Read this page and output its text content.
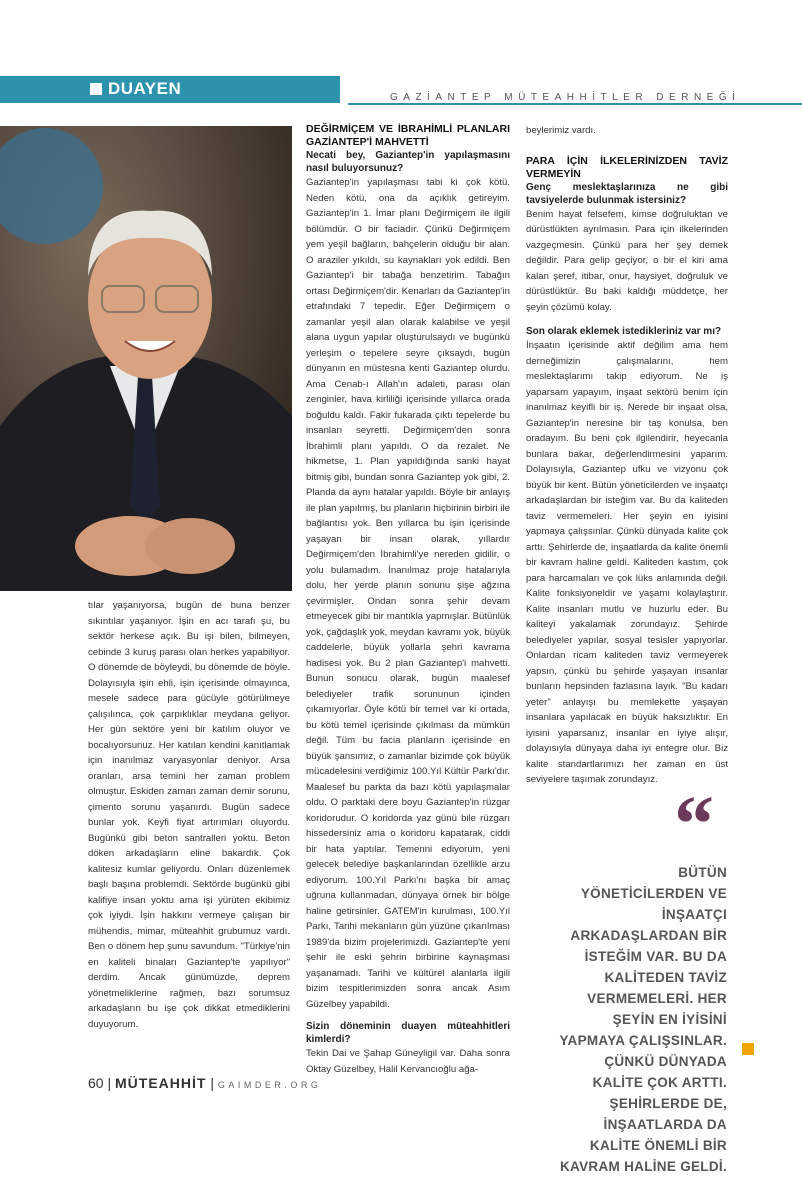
DUAYEN	GAZİANTEP MÜTEAHHİTLER DERNEĞİ

tılar yaşanıyorsa, bugün de buna benzer sıkıntılar yaşanıyor. İşin en acı tarafı şu, bu sektör herkese açık. Bu işi bilen, bilmeyen, cebinde 3 kuruş parası olan herkes yapabiliyor. O dönemde de böyleydi, bu dönemde de böyle. Dolayısıyla işin ehli, işin içerisinde olmayınca, mesele sadece para gücüyle götürülmeye çalışılınca, çok çarpıklıklar meydana geliyor. Her gün sektöre yeni bir katılım oluyor ve bocalıyorsunuz. Her katılan kendini kanıtlamak için inanılmaz varyasyonlar deniyor. Arsa oranları, arsa temini her zaman problem olmuştur. Eskiden zaman zaman demir sorunu, çimento sorunu yaşanırdı. Bugün sadece bunlar yok. Keyfi fiyat artırımları oluyordu. Bugünkü gibi beton santralleri yoktu. Beton döken arkadaşların eline bakardık. Çok kalitesiz kumlar geliyordu. Onları düzenlemek başlı başına problemdi. Sektörde bugünkü gibi kalifiye insan yoktu ama işi yürüten ekibimiz çok iyiydi. İşin hakkını vermeye çalışan bir mühendis, mimar, müteahhit grubumuz vardı. Ben o dönem hep şunu savundum. "Türkiye'nin en kaliteli binaları Gaziantep'te yapılıyor" derdim. Ancak günümüzde, deprem yönetmeliklerine rağmen, bazı sorumsuz arkadaşların bu işe çok dikkat etmediklerini duyuyorum.

DEĞİRMİÇEM VE İBRAHİMLİ PLANLARI GAZİANTEP'İ MAHVETTİ

Necati bey, Gaziantep'in yapılaşmasını nasıl buluyorsunuz?

Gaziantep'in yapılaşması tabi ki çok kötü. Neden kötü, ona da açıklık getireyim. Gaziantep'in 1. İmar planı Değirmiçem ile ilgili bölümdür. O bir faciadır. Çünkü Değirmiçem yem yeşil bağların, bahçelerin olduğu bir alan. O araziler yıkıldı, su kaynakları yok edildi. Ben Gaziantep'i bir tabağa benzetirim. Tabağın ortası Değirmiçem'dir. Kenarları da Gaziantep'in etrafındaki 7 tepedir. Eğer Değirmiçem o zamanlar yeşil alan olarak kalabilse ve yeşil alana uygun yapılar oluşturulsaydı ve bugünkü yerleşim o tepelere seyre çıksaydı, bugün dünyanın en müstesna kenti Gaziantep olurdu. Ama Cenab-ı Allah'ın adaleti, parası olan zenginler, hava kirliliği içerisinde yıllarca orada boğuldu kaldı. Fakir fukarada çıktı tepelerde bu insanları seyretti. Değirmiçem'den sonra İbrahimli planı yapıldı. O da rezalet. Ne hikmetse, 1. Plan yapıldığında sanki hayat bitmiş gibi, bundan sonra Gaziantep yok gibi, 2. Planda da aynı hatalar yapıldı. Böyle bir anlayış ile plan yapılmış, bu planların hiçbirinin birbiri ile bağlantısı yok. Ben yıllarca bu işin içerisinde yaşayan bir insan olarak, yıllardır Değirmiçem'den İbrahimli'ye nereden gidilir, o yolu bulamadım. İnanılmaz proje hatalarıyla dolu, her yerde planın sonunu şişe ağzına çevirmişler. Ondan sonra şehir devam etmeyecek gibi bir mantıkla yapmışlar. Bütünlük yok, çağdaşlık yok, meydan kavramı yok, büyük caddelerle, büyük yollarla şehri kavrama hadisesi yok. Bu 2 plan Gaziantep'i mahvetti. Bunun sonucu olarak, bugün maalesef belediyeler trafik sorununun içinden çıkamıyorlar. Öyle kötü bir temel var ki ortada, bu kötü temel içerisinde çıkılması da mümkün değil. Tüm bu facia planların içerisinde en büyük şansımız, o zamanlar bizimde çok büyük mücadelesini verdiğimiz 100.Yıl Kültür Parkı'dır. Maalesef bu parkta da bazı kötü yapılaşmalar oldu. O parktaki dere boyu Gaziantep'in rüzgar koridorudur. O koridorda yaz günü bile rüzgarı hissedersiniz ama o koridoru kapatarak, ciddi bir hata yaptılar. Temenni ediyorum, yeni gelecek belediye başkanlarından özellikle arzu ediyorum. 100.Yıl Parkı'nı başka bir amaç uğruna kullanmadan, dünyaya örnek bir bölge haline getirsinler. GATEM'in kurulması, 100.Yıl Parkı, Tarihi mekanların gün yüzüne çıkarılması 1989'da bizim projelerimizdi. Gaziantep'te yeni şehir ile eski şehrin birbirine kaynaşması yaşanamadı. Tarihi ve kültürel alanlarla ilgili bizim tespitlerimizden sonra ancak Asım Güzelbey yapabildi.

Sizin döneminin duayen müteahhitleri kimlerdi?

Tekin Dai ve Şahap Güneyligil var. Daha sonra Oktay Güzelbey, Halil Kervancıoğlu ağa-

beylerimiz vardı.

PARA İÇİN İLKELERİNİZDEN TAVİZ VERMEYİN

Genç meslektaşlarınıza ne gibi tavsiyelerde bulunmak istersiniz?

Benim hayat felsefem, kimse doğruluktan ve dürüstlükten ayrılmasın. Para için ilkelerinden vazgeçmesin. Çünkü para her şey demek değildir. Para gelip geçiyor, o bir el kiri ama kalan şeref, itibar, onur, haysiyet, doğruluk ve dürüstlüktür. Bu baki kaldığı müddetçe, her şeyin çözümü kolay.

Son olarak eklemek istedikleriniz var mı?

İnşaatın içerisinde aktif değilim ama hem derneğimizin çalışmalarını, hem meslektaşlarımı takip ediyorum. Ne iş yaparsam yapayım, inşaat sektörü benim için inanılmaz keyifli bir iş. Nerede bir inşaat olsa, Gaziantep'in neresine bir taş konulsa, ben oradayım. Bu beni çok ilgilendirir, heyecanla bunlara bakar, değerlendirmesini yaparım. Dolayısıyla, Gaziantep ufku ve vizyonu çok büyük bir kent. Bütün yöneticilerden ve inşaatçı arkadaşlardan bir isteğim var. Bu da kaliteden taviz vermemeleri. Her şeyin en iyisini yapmaya çalışsınlar. Çünkü dünyada kalite çok arttı. Şehirlerde de, inşaatlarda da kalite önemli bir kavram haline geldi. Kaliteden kastım, çok para harcamaları ve çok lüks anlamında değil. Kalite fonksiyoneldir ve yaşamı kolaylaştırır. Kalite insanları mutlu ve huzurlu eder. Bu kaliteyi yakalamak zorundayız. Şehirde belediyeler yapılar, sosyal tesisler yapıyorlar. Onlardan ricam kaliteden taviz vermeyerek yapsın, çünkü bu şehirde yaşayan insanlar bunların hepsinden fazlasına layık. "Bu kadarı yeter" anlayışı bu memlekette yaşayan insanlara yapılacak en büyük haksızlıktır. En iyisini yaparsanız, insanlar en iyiye alışır, dolayısıyla dünyaya daha iyi entegre olur. Biz kalite standartlarımızı her zaman en üst seviyelere taşımak zorundayız.

“
BÜTÜN YÖNETİCİLERDEN VE İNŞAATÇI ARKADAŞLARDAN BİR İSTEĞİM VAR. BU DA KALİTEDEN TAVİZ VERMEMELERİ. HER ŞEYİN EN İYİSİNİ YAPMAYA ÇALIŞSINLAR. ÇÜNKÜ DÜNYADA KALİTE ÇOK ARTTI. ŞEHİRLERDE DE, İNŞAATLARDA DA KALİTE ÖNEMLİ BİR KAVRAM HALİNE GELDİ.
60 | MÜTEAHHİT | GAIMDER.ORG
